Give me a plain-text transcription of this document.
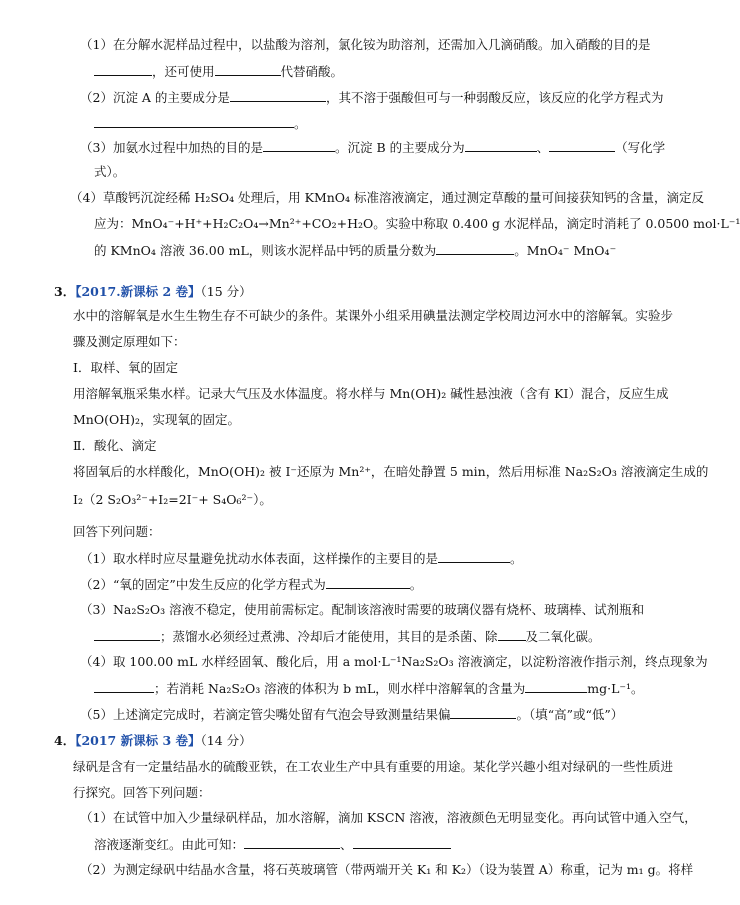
（1）在分解水泥样品过程中，以盐酸为溶剂，氯化铵为助溶剂，还需加入几滴硝酸。加入硝酸的目的是
，还可使用	代替硝酸。
（2）沉淀 A 的主要成分是	，其不溶于强酸但可与一种弱酸反应，该反应的化学方程式为
。
（3）加氨水过程中加热的目的是	。沉淀 B 的主要成分为	、	（写化学
式）。
（4）草酸钙沉淀经稀 H₂SO₄ 处理后，用 KMnO₄ 标准溶液滴定，通过测定草酸的量可间接获知钙的含量，滴定反
应为：MnO₄⁻+H⁺+H₂C₂O₄→Mn²⁺+CO₂+H₂O。实验中称取 0.400 g 水泥样品，滴定时消耗了 0.0500 mol·L⁻¹
的 KMnO₄ 溶液 36.00 mL，则该水泥样品中钙的质量分数为	。MnO₄⁻ MnO₄⁻
3．【2017.新课标 2 卷】（15 分）
水中的溶解氧是水生生物生存不可缺少的条件。某课外小组采用碘量法测定学校周边河水中的溶解氧。实验步
骤及测定原理如下：
Ⅰ．取样、氧的固定
用溶解氧瓶采集水样。记录大气压及水体温度。将水样与 Mn(OH)₂ 碱性悬浊液（含有 KI）混合，反应生成
MnO(OH)₂，实现氧的固定。
Ⅱ．酸化、滴定
将固氧后的水样酸化，MnO(OH)₂ 被 I⁻还原为 Mn²⁺，在暗处静置 5 min，然后用标准 Na₂S₂O₃ 溶液滴定生成的
I₂（2 S₂O₃²⁻+I₂=2I⁻+ S₄O₆²⁻）。
回答下列问题：
（1）取水样时应尽量避免扰动水体表面，这样操作的主要目的是	。
（2）“氧的固定”中发生反应的化学方程式为	。
（3）Na₂S₂O₃ 溶液不稳定，使用前需标定。配制该溶液时需要的玻璃仪器有烧杯、玻璃棒、试剂瓶和
；蒸馏水必须经过煮沸、冷却后才能使用，其目的是杀菌、除 及二氧化碳。
（4）取 100.00 mL 水样经固氧、酸化后，用 a mol·L⁻¹Na₂S₂O₃ 溶液滴定，以淀粉溶液作指示剂，终点现象为
；若消耗 Na₂S₂O₃ 溶液的体积为 b mL，则水样中溶解氧的含量为	mg·L⁻¹。
（5）上述滴定完成时，若滴定管尖嘴处留有气泡会导致测量结果偏	。（填“高”或“低”）
4．【2017 新课标 3 卷】（14 分）
绿矾是含有一定量结晶水的硫酸亚铁，在工农业生产中具有重要的用途。某化学兴趣小组对绿矾的一些性质进
行探究。回答下列问题：
（1）在试管中加入少量绿矾样品，加水溶解，滴加 KSCN 溶液，溶液颜色无明显变化。再向试管中通入空气，
溶液逐渐变红。由此可知：	、
（2）为测定绿矾中结晶水含量，将石英玻璃管（带两端开关 K₁ 和 K₂）（设为装置 A）称重，记为 m₁ g。将样
